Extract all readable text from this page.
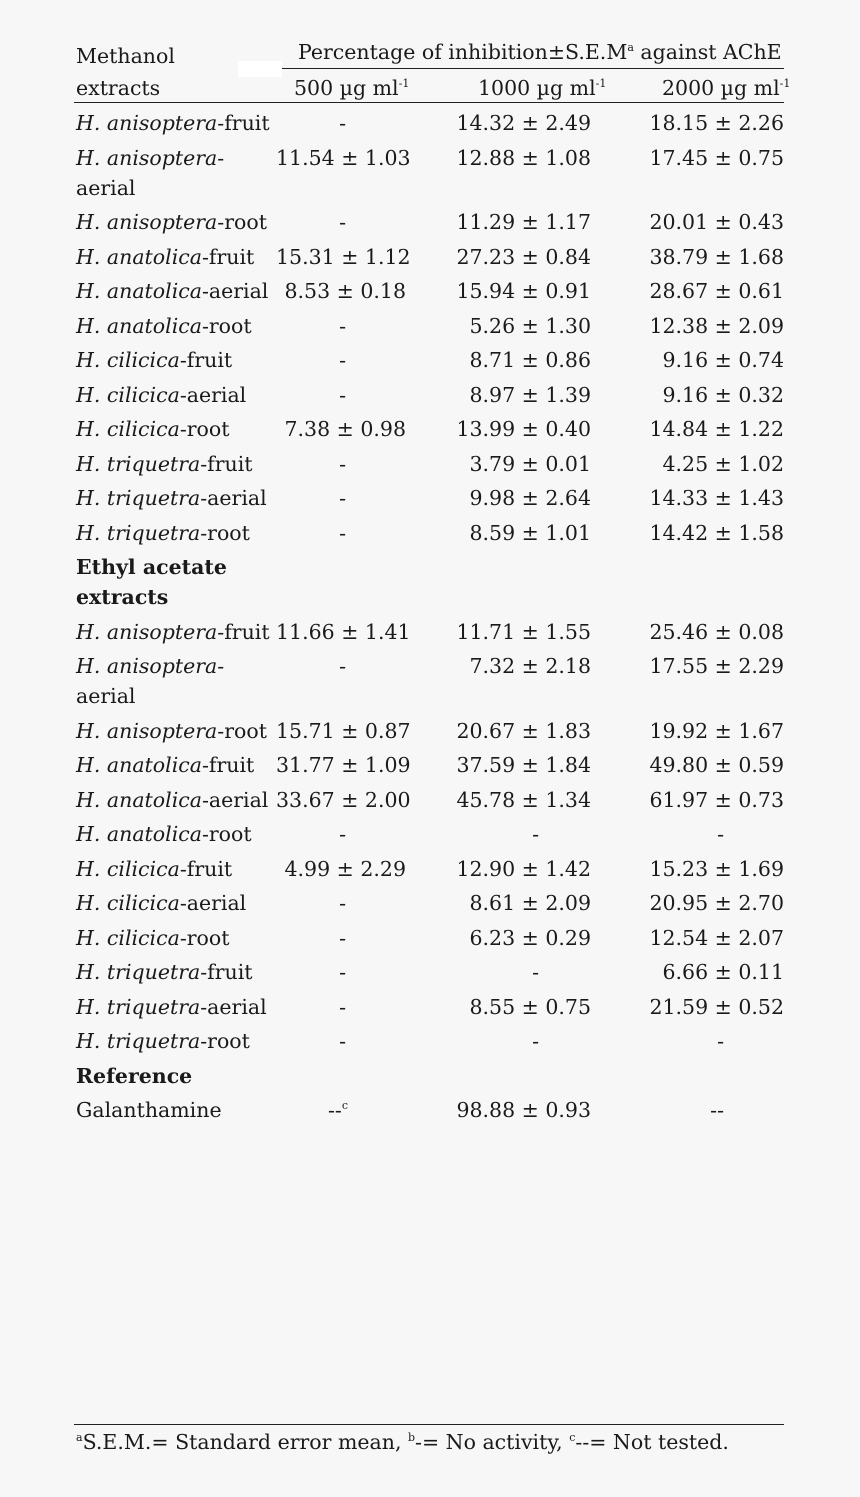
Methanol
extracts
Percentage of $inhibition\pm S.E.M^a$ against AChE
500 µg $ml^{-1}$	1000 µg $ml^{-1}$	2000 µg $ml^{-1}$
H. anisoptera-fruit	-	14.32 ± 2.49	18.15 ± 2.26
H. anisoptera-aerial	11.54 ± 1.03	12.88 ± 1.08	17.45 ± 0.75
H. anisoptera-root	-	11.29 ± 1.17	20.01 ± 0.43
H. anatolica-fruit	15.31 ± 1.12	27.23 ± 0.84	38.79 ± 1.68
H. anatolica-aerial	8.53 ± 0.18	15.94 ± 0.91	28.67 ± 0.61
H. anatolica-root	-	5.26 ± 1.30	12.38 ± 2.09
H. cilicica-fruit	-	8.71 ± 0.86	9.16 ± 0.74
H. cilicica-aerial	-	8.97 ± 1.39	9.16 ± 0.32
H. cilicica-root	7.38 ± 0.98	13.99 ± 0.40	14.84 ± 1.22
H. triquetra-fruit	-	3.79 ± 0.01	4.25 ± 1.02
H. triquetra-aerial	-	9.98 ± 2.64	14.33 ± 1.43
H. triquetra-root	-	8.59 ± 1.01	14.42 ± 1.58
Ethyl acetate extracts			
H. anisoptera-fruit	11.66 ± 1.41	11.71 ± 1.55	25.46 ± 0.08
H. anisoptera-aerial	-	7.32 ± 2.18	17.55 ± 2.29
H. anisoptera-root	15.71 ± 0.87	20.67 ± 1.83	19.92 ± 1.67
H. anatolica-fruit	31.77 ± 1.09	37.59 ± 1.84	49.80 ± 0.59
H. anatolica-aerial	33.67 ± 2.00	45.78 ± 1.34	61.97 ± 0.73
H. anatolica-root	-	-	-
H. cilicica-fruit	4.99 ± 2.29	12.90 ± 1.42	15.23 ± 1.69
H. cilicica-aerial	-	8.61 ± 2.09	20.95 ± 2.70
H. cilicica-root	-	6.23 ± 0.29	12.54 ± 2.07
H. triquetra-fruit	-	-	6.66 ± 0.11
H. triquetra-aerial	-	8.55 ± 0.75	21.59 ± 0.52
H. triquetra-root	-	-	-
Reference			
Galanthamine	--$^c$	98.88 ± 0.93	--
$^a$S.E.M.= Standard error mean, $^b$-= No activity, $^c$--= Not tested.
